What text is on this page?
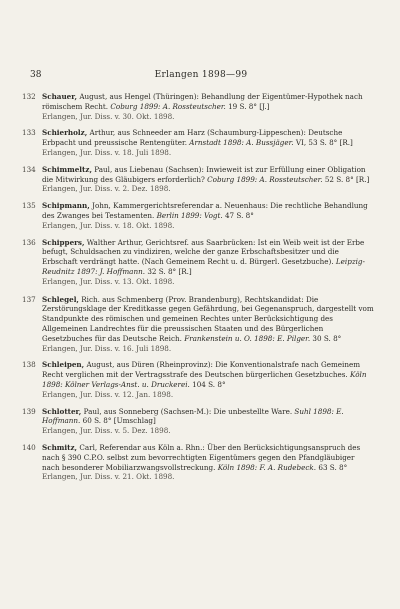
38	Erlangen 1898—99
132 Schauer, August, aus Hengel (Thüringen): Behandlung der Eigentümer-Hypothek nach römischem Recht. Coburg 1899: A. Rossteutscher. 19 S. 8° [J.]
Erlangen, Jur. Diss. v. 30. Okt. 1898.
133 Schierholz, Arthur, aus Schneeder am Harz (Schaumburg-Lippeschen): Deutsche Erbpacht und preussische Rentengüter. Arnstadt 1898: A. Bussjäger. VI, 53 S. 8° [R.]
Erlangen, Jur. Diss. v. 18. Juli 1898.
134 Schimmeltz, Paul, aus Liebenau (Sachsen): Inwieweit ist zur Erfüllung einer Obligation die Mitwirkung des Gläubigers erforderlich? Coburg 1899: A. Rossteutscher. 52 S. 8° [R.]
Erlangen, Jur. Diss. v. 2. Dez. 1898.
135 Schipmann, John, Kammergerichtsreferendar a. Neuenhaus: Die rechtliche Behandlung des Zwanges bei Testamenten. Berlin 1899: Vogt. 47 S. 8°
Erlangen, Jur. Diss. v. 18. Okt. 1898.
136 Schippers, Walther Arthur, Gerichtsref. aus Saarbrücken: Ist ein Weib weit ist der Erbe befugt, Schuldsachen zu vindiziren, welche der ganze Erbschaftsbesitzer und die Erbschaft verdrängt hatte. (Nach Gemeinem Recht u. d. Bürgerl. Gesetzbuche). Leipzig-Reudnitz 1897: J. Hoffmann. 32 S. 8° [R.]
Erlangen, Jur. Diss. v. 13. Okt. 1898.
137 Schlegel, Rich. aus Schmenberg (Prov. Brandenburg), Rechtskandidat: Die Zerstörungsklage der Kreditkasse gegen Gefährdung, bei Gegenanspruch, dargestellt vom Standpunkte des römischen und gemeinen Rechtes unter Berücksichtigung des Allgemeinen Landrechtes für die preussischen Staaten und des Bürgerlichen Gesetzbuches für das Deutsche Reich. Frankenstein u. O. 1898: E. Pilger. 30 S. 8°
Erlangen, Jur. Diss. v. 16. Juli 1898.
138 Schleipen, August, aus Düren (Rheinprovinz): Die Konventionalstrafe nach Gemeinem Recht verglichen mit der Vertragsstrafe des Deutschen bürgerlichen Gesetzbuches. Köln 1898: Kölner Verlags-Anst. u. Druckerei. 104 S. 8°
Erlangen, Jur. Diss. v. 12. Jan. 1898.
139 Schlotter, Paul, aus Sonneberg (Sachsen-M.): Die unbestellte Ware. Suhl 1898: E. Hoffmann. 60 S. 8° [Umschlag]
Erlangen, Jur. Diss. v. 5. Dez. 1898.
140 Schmitz, Carl, Referendar aus Köln a. Rhn.: Über den Berücksichtigungsanspruch des nach § 390 C.P.O. selbst zum bevorrechtigten Eigentümers gegen den Pfandgläubiger nach besonderer Mobiliarzwangsvollstreckung. Köln 1898: F. A. Rudebeck. 63 S. 8°
Erlangen, Jur. Diss. v. 21. Okt. 1898.
